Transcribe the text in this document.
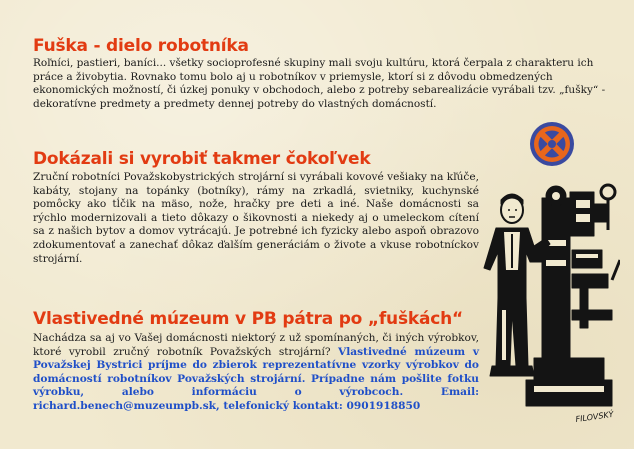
Fuška - dielo robotníka
Roľníci, pastieri, baníci... všetky socioprofesné skupiny mali svoju kultúru, ktorá čerpala z charakteru ich práce a živobytia. Rovnako tomu bolo aj u robotníkov v priemysle, ktorí si z dôvodu obmedzených ekonomických možností, či úzkej ponuky v obchodoch, alebo z potreby sebarealizácie vyrábali tzv. „fušky“ - dekoratívne predmety a predmety dennej potreby do vlastných domácností.
Dokázali si vyrobiť takmer čokoľvek
Zruční robotníci Považskobystrických strojární si vyrábali kovové vešiaky na kľúče, kabáty, stojany na topánky (botníky), rámy na zrkadlá, svietniky, kuchynské pomôcky ako tĺčik na mäso, nože, hračky pre deti a iné. Naše domácnosti sa rýchlo modernizovali a tieto dôkazy o šikovnosti a niekedy aj o umeleckom cítení sa z našich bytov a domov vytrácajú. Je potrebné ich fyzicky alebo aspoň obrazovo zdokumentovať a zanechať dôkaz ďalším generáciám o živote a vkuse robotníckov strojární.
Vlastivedné múzeum v PB pátra po „fuškách“
Nachádza sa aj vo Vašej domácnosti niektorý z už spomínaných, či iných výrobkov, ktoré vyrobil zručný robotník Považských strojární? Vlastivedné múzeum v Považskej Bystrici príjme do zbierok reprezentatívne vzorky výrobkov do domácností robotníkov Považských strojární. Prípadne nám pošlite fotku výrobku, alebo informáciu o výrobcoch. Email: richard.benech@muzeumpb.sk, telefonický kontakt: 0901918850
FILOVSKÝ
